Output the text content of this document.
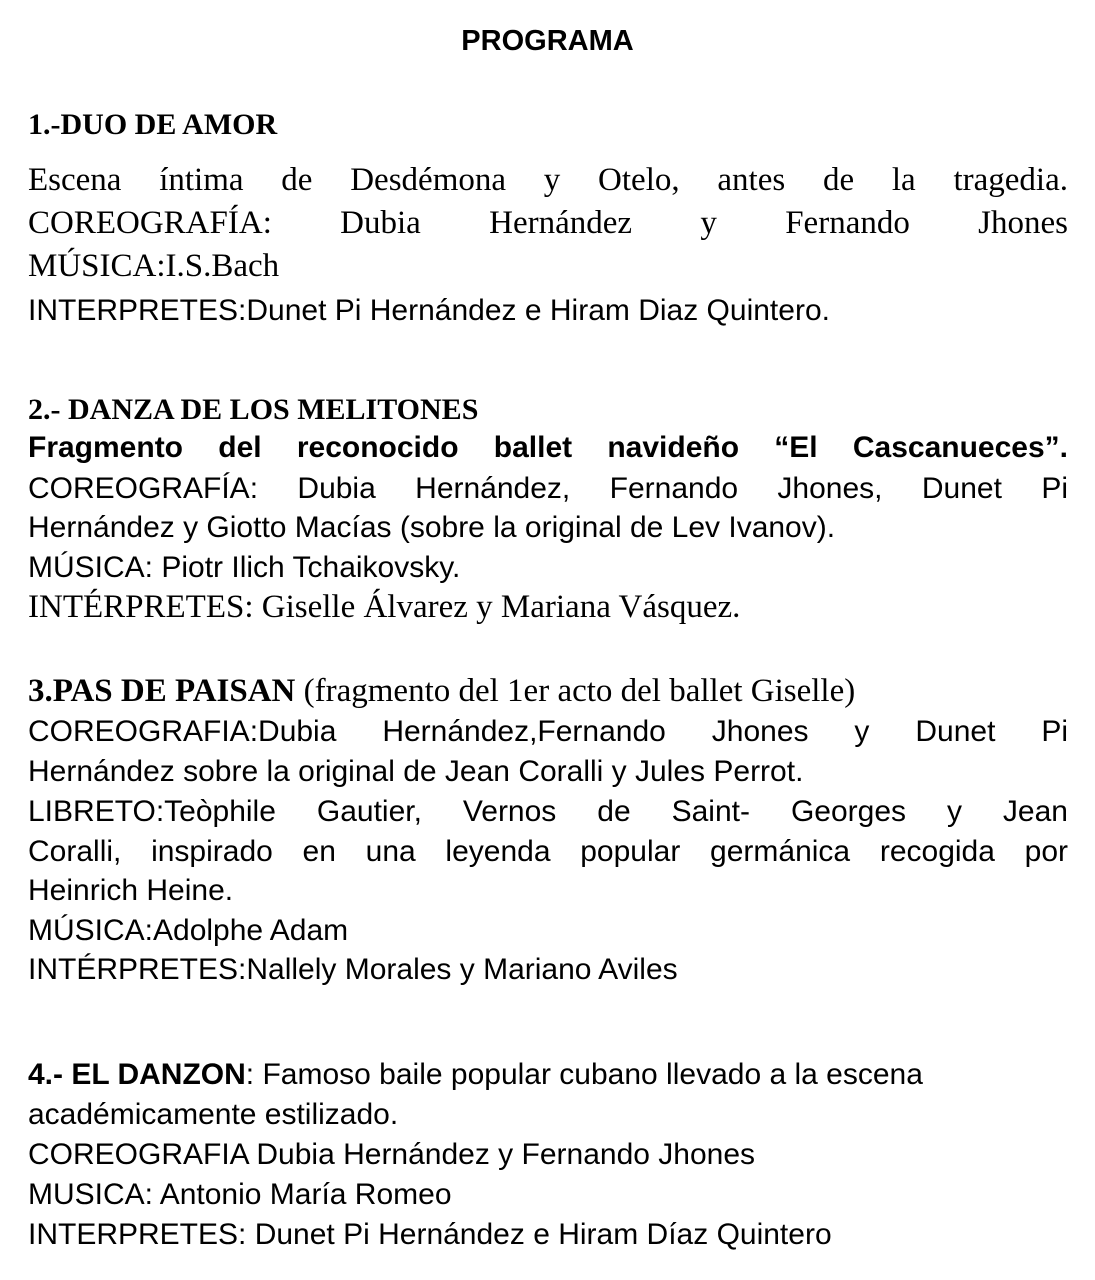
PROGRAMA
1.-DUO DE AMOR
Escena íntima de Desdémona y Otelo, antes de la tragedia.
COREOGRAFÍA: Dubia Hernández y Fernando Jhones
MÚSICA:I.S.Bach
INTERPRETES:Dunet Pi Hernández e Hiram Diaz Quintero.
2.- DANZA DE LOS MELITONES
Fragmento del reconocido ballet navideño “El Cascanueces”.
COREOGRAFÍA: Dubia Hernández, Fernando Jhones, Dunet Pi
Hernández y Giotto Macías (sobre la original de Lev Ivanov).
MÚSICA: Piotr Ilich Tchaikovsky.
INTÉRPRETES: Giselle Álvarez y Mariana Vásquez.
3.PAS DE PAISAN (fragmento del 1er acto del ballet Giselle)
COREOGRAFIA:Dubia Hernández,Fernando Jhones y Dunet Pi
Hernández sobre la original de Jean Coralli y Jules Perrot.
LIBRETO:Teòphile Gautier, Vernos de Saint- Georges y Jean
Coralli, inspirado en una leyenda popular germánica recogida por
Heinrich Heine.
MÚSICA:Adolphe Adam
INTÉRPRETES:Nallely Morales y Mariano Aviles
4.- EL DANZON: Famoso baile popular cubano llevado a la escena
académicamente estilizado.
COREOGRAFIA Dubia Hernández y Fernando Jhones
MUSICA: Antonio María Romeo
INTERPRETES: Dunet Pi Hernández e Hiram Díaz Quintero
